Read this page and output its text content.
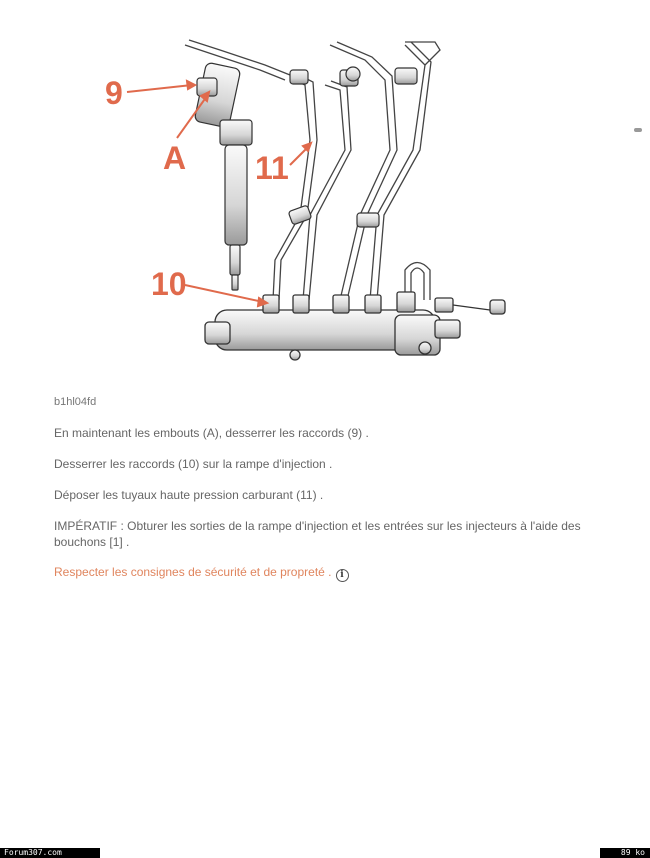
9
A 11
10
b1hl04fd
En maintenant les embouts (A), desserrer les raccords (9) .
Desserrer les raccords (10) sur la rampe d'injection .
Déposer les tuyaux haute pression carburant (11) .
IMPÉRATIF : Obturer les sorties de la rampe d'injection et les entrées sur les injecteurs à l'aide des bouchons [1] .
Respecter les consignes de sécurité et de propreté . i
Forum307.com	89 ko
